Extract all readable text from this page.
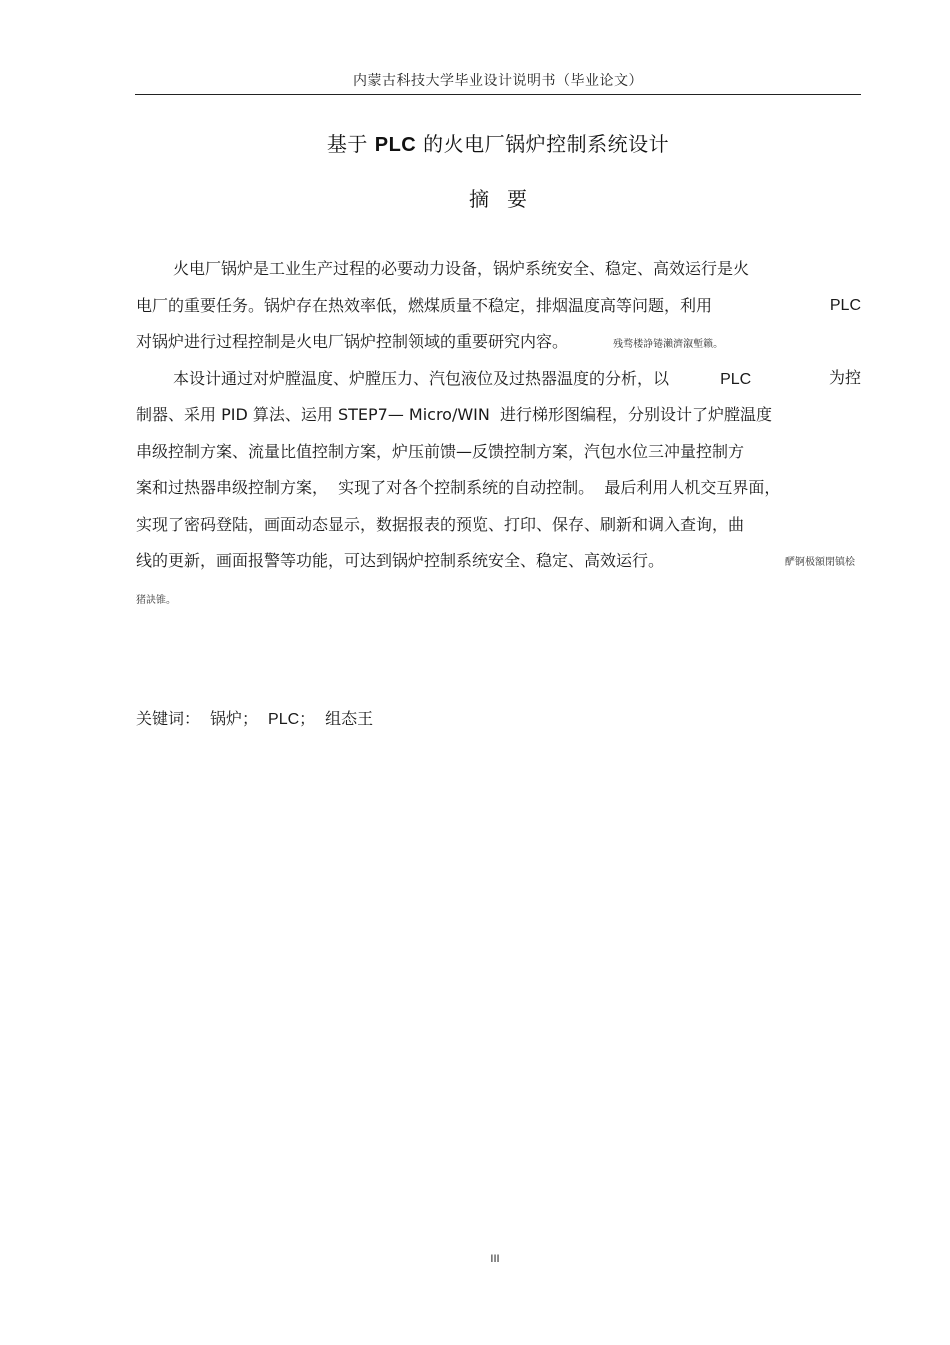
内蒙古科技大学毕业设计说明书（毕业论文）
基于 PLC 的火电厂锅炉控制系统设计
摘要
火电厂锅炉是工业生产过程的必要动力设备，锅炉系统安全、稳定、高效运行是火
电厂的重要任务。锅炉存在热效率低，燃煤质量不稳定，排烟温度高等问题，利用	PLC
对锅炉进行过程控制是火电厂锅炉控制领域的重要研究内容。	残骛楼諍锩瀨濟溆塹籟。
本设计通过对炉膛温度、炉膛压力、汽包液位及过热器温度的分析，以	PLC	为控
制器、采用 PID 算法、运用 STEP7— Micro/WIN  进行梯形图编程，分别设计了炉膛温度
串级控制方案、流量比值控制方案，炉压前馈—反馈控制方案，汽包水位三冲量控制方
案和过热器串级控制方案，  实现了对各个控制系统的自动控制。  最后利用人机交互界面，
实现了密码登陆，画面动态显示，数据报表的预览、打印、保存、刷新和调入查询，曲
线的更新，画面报警等功能，可达到锅炉控制系统安全、稳定、高效运行。	酽锕极額閉镇桧
猪訣锥。
关键词： 锅炉； PLC； 组态王
III
